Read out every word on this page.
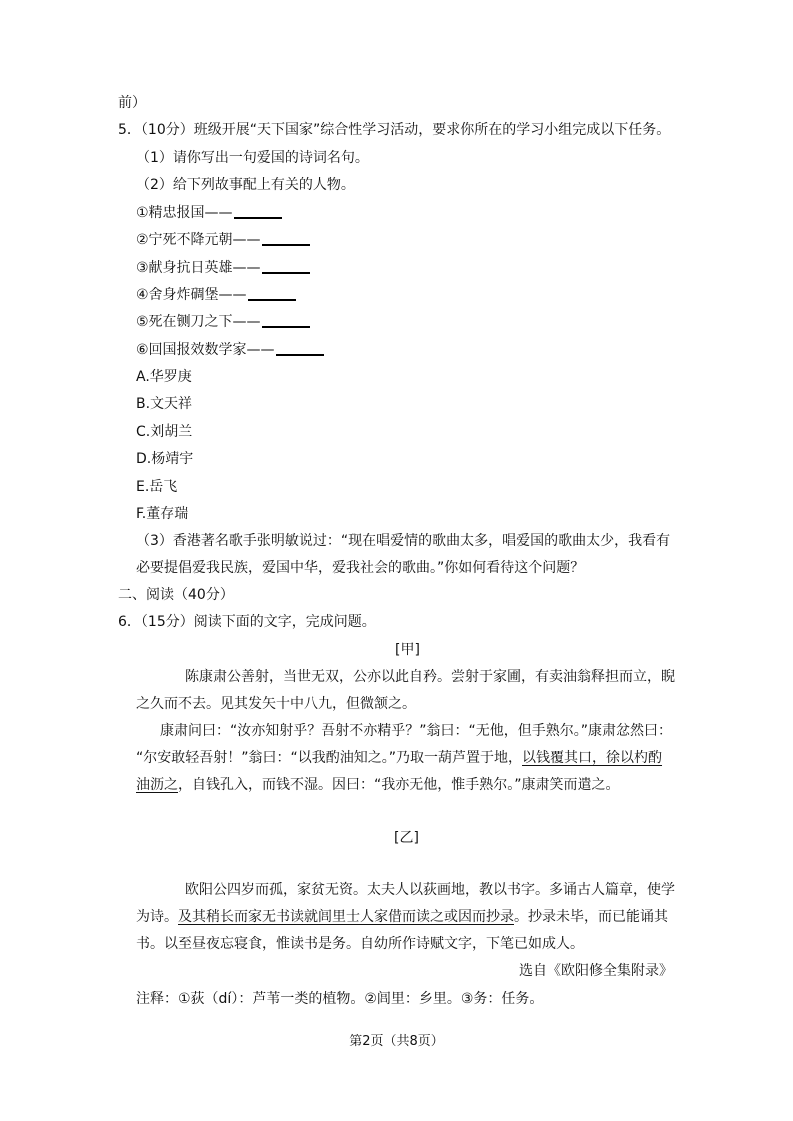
前）
5．（10分）班级开展“天下国家”综合性学习活动，要求你所在的学习小组完成以下任务。
（1）请你写出一句爱国的诗词名句。
（2）给下列故事配上有关的人物。
①精忠报国——
②宁死不降元朝——
③献身抗日英雄——
④舍身炸碉堡——
⑤死在铡刀之下——
⑥回国报效数学家——
A.华罗庚
B.文天祥
C.刘胡兰
D.杨靖宇
E.岳飞
F.董存瑞
（3）香港著名歌手张明敏说过：“现在唱爱情的歌曲太多，唱爱国的歌曲太少，我看有
必要提倡爱我民族，爱国中华，爱我社会的歌曲。”你如何看待这个问题？
二、阅读（40分）
6．（15分）阅读下面的文字，完成问题。
[甲]
陈康肃公善射，当世无双，公亦以此自矜。尝射于家圃，有卖油翁释担而立，睨
之久而不去。见其发矢十中八九，但微颔之。
康肃问曰：“汝亦知射乎？吾射不亦精乎？”翁曰：“无他，但手熟尔。”康肃忿然曰：
“尔安敢轻吾射！”翁曰：“以我酌油知之。”乃取一葫芦置于地，以钱覆其口，徐以杓酌
油沥之，自钱孔入，而钱不湿。因曰：“我亦无他，惟手熟尔。”康肃笑而遣之。
[乙]
欧阳公四岁而孤，家贫无资。太夫人以荻画地，教以书字。多诵古人篇章，使学
为诗。及其稍长而家无书读就闾里士人家借而读之或因而抄录。抄录未毕，而已能诵其
书。以至昼夜忘寝食，惟读书是务。自幼所作诗赋文字，下笔已如成人。
选自《欧阳修全集附录》
注释：①荻（dí）：芦苇一类的植物。②闾里：乡里。③务：任务。
第2页（共8页）
